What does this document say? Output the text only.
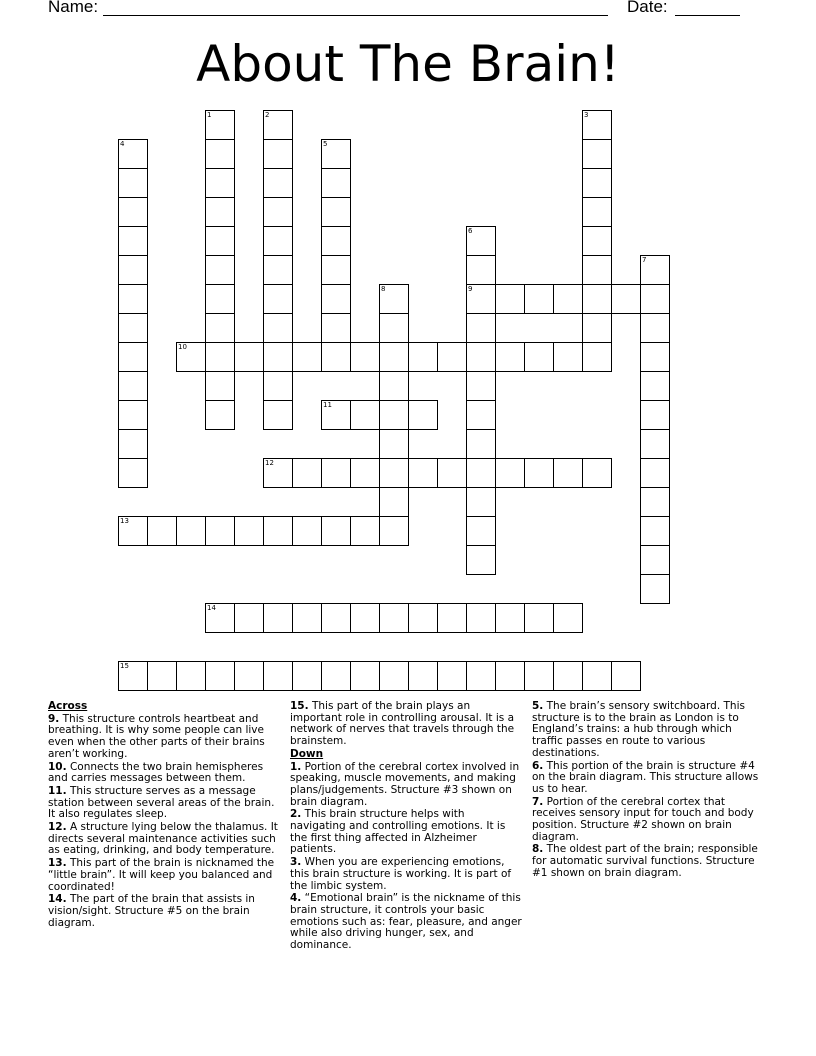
Name:	Date:
About The Brain!
1	2	3
4	5
6
9
7
8
10
11
12
13
14
15

Across

9. This structure controls heartbeat and breathing. It is why some people can live even when the other parts of their brains aren’t working.

10. Connects the two brain hemispheres and carries messages between them.

11. This structure serves as a message station between several areas of the brain. It also regulates sleep.

12. A structure lying below the thalamus. It directs several maintenance activities such as eating, drinking, and body temperature.

13. This part of the brain is nicknamed the “little brain”. It will keep you balanced and coordinated!

14. The part of the brain that assists in vision/sight. Structure #5 on the brain diagram.

15. This part of the brain plays an important role in controlling arousal. It is a network of nerves that travels through the brainstem.

Down

1. Portion of the cerebral cortex involved in speaking, muscle movements, and making plans/judgements. Structure #3 shown on brain diagram.

2. This brain structure helps with navigating and controlling emotions. It is the first thing affected in Alzheimer patients.

3. When you are experiencing emotions, this brain structure is working. It is part of the limbic system.

4. “Emotional brain” is the nickname of this brain structure, it controls your basic emotions such as: fear, pleasure, and anger while also driving hunger, sex, and dominance.

5. The brain’s sensory switchboard. This structure is to the brain as London is to England’s trains: a hub through which traffic passes en route to various destinations.

6. This portion of the brain is structure #4 on the brain diagram. This structure allows us to hear.

7. Portion of the cerebral cortex that receives sensory input for touch and body position. Structure #2 shown on brain diagram.

8. The oldest part of the brain; responsible for automatic survival functions. Structure #1 shown on brain diagram.
